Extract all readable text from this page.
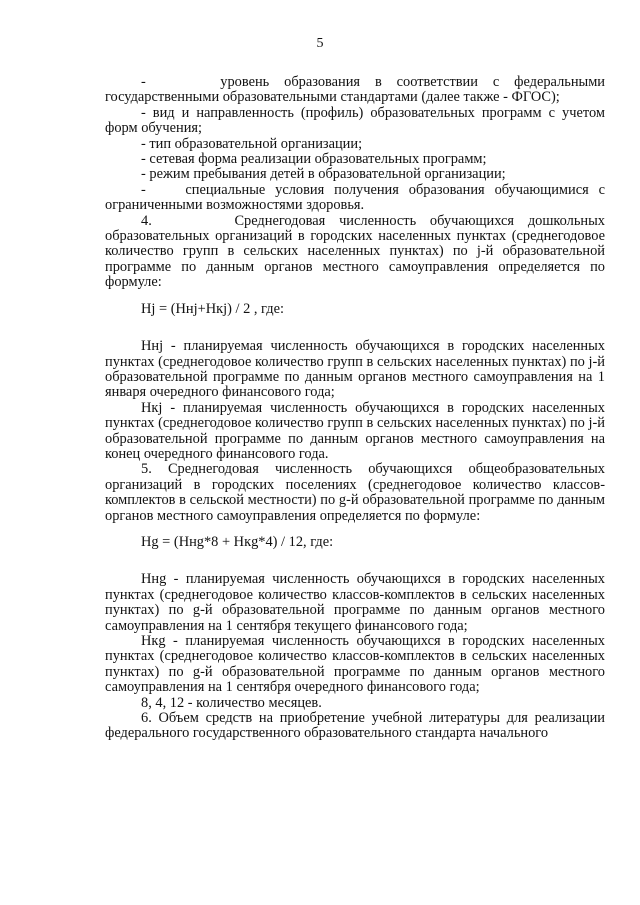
5

-     уровень образования в соответствии с федеральными государственными образовательными стандартами (далее также - ФГОС);

- вид и направленность (профиль) образовательных программ с учетом форм обучения;

- тип образовательной организации;

- сетевая форма реализации образовательных программ;

- режим пребывания детей в образовательной организации;

-    специальные условия получения образования обучающимися с ограниченными возможностями здоровья.

4.      Среднегодовая численность обучающихся дошкольных образовательных организаций в городских населенных пунктах (среднегодовое количество групп в сельских населенных пунктах) по j-й образовательной программе по данным органов местного самоуправления определяется по формуле:

Hj = (Hнj+Hкj) / 2 , где:

Hнj - планируемая численность обучающихся в городских населенных пунктах (среднегодовое количество групп в сельских населенных пунктах) по j-й образовательной программе по данным органов местного самоуправления на 1 января очередного финансового года;

Hкj - планируемая численность обучающихся в городских населенных пунктах (среднегодовое количество групп в сельских населенных пунктах) по j-й образовательной программе по данным органов местного самоуправления на конец очередного финансового года.

5. Среднегодовая численность обучающихся общеобразовательных организаций в городских поселениях (среднегодовое количество классов-комплектов в сельской местности) по g-й образовательной программе по данным органов местного самоуправления определяется по формуле:

Hg = (Hнg*8 + Hкg*4) / 12, где:

Hнg - планируемая численность обучающихся в городских населенных пунктах (среднегодовое количество классов-комплектов в сельских населенных пунктах) по g-й образовательной программе по данным органов местного самоуправления на 1 сентября текущего финансового года;

Hкg - планируемая численность обучающихся в городских населенных пунктах (среднегодовое количество классов-комплектов в сельских населенных пунктах) по g-й образовательной программе по данным органов местного самоуправления на 1 сентября очередного финансового года;

8, 4, 12 - количество месяцев.

6. Объем средств на приобретение учебной литературы для реализации федерального государственного образовательного стандарта начального
